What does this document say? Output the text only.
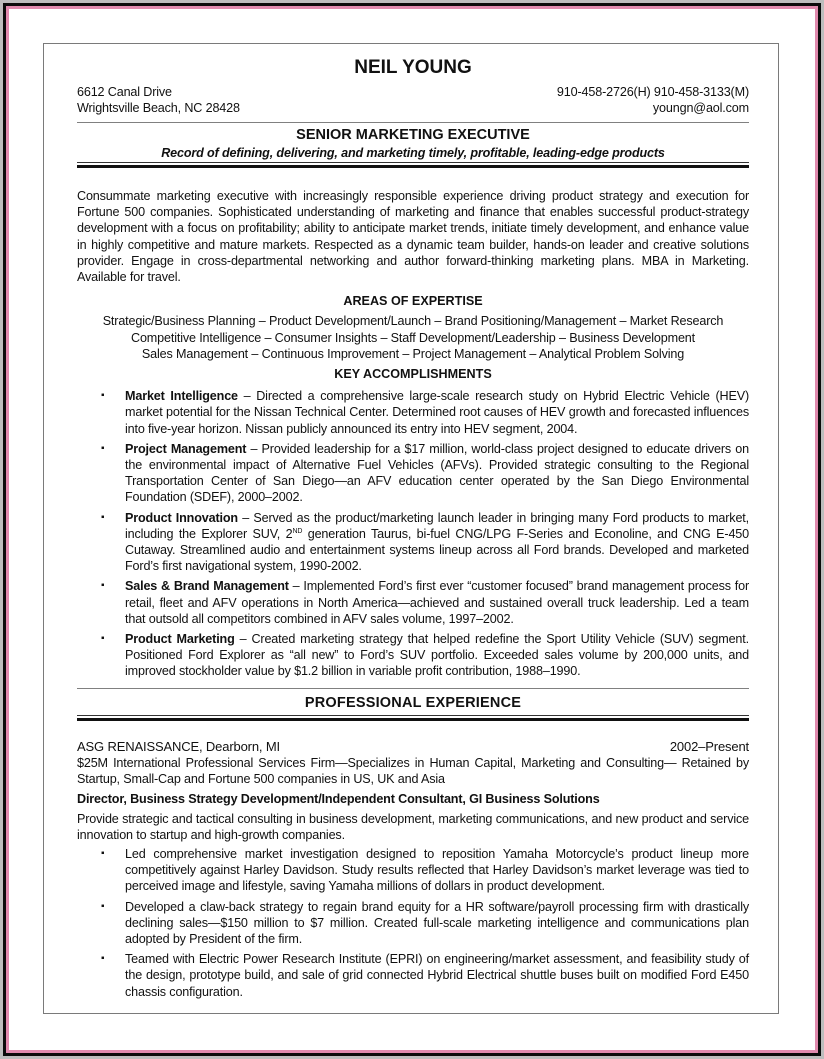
NEIL YOUNG
6612 Canal Drive	910-458-2726(H) 910-458-3133(M)
Wrightsville Beach, NC 28428	youngn@aol.com
SENIOR MARKETING EXECUTIVE
Record of defining, delivering, and marketing timely, profitable, leading-edge products
Consummate marketing executive with increasingly responsible experience driving product strategy and execution for Fortune 500 companies. Sophisticated understanding of marketing and finance that enables successful product-strategy development with a focus on profitability; ability to anticipate market trends, initiate timely development, and enhance value in highly competitive and mature markets. Respected as a dynamic team builder, hands-on leader and creative solutions provider. Engage in cross-departmental networking and author forward-thinking marketing plans. MBA in Marketing. Available for travel.
AREAS OF EXPERTISE
Strategic/Business Planning – Product Development/Launch – Brand Positioning/Management – Market Research
Competitive Intelligence – Consumer Insights – Staff Development/Leadership – Business Development
Sales Management – Continuous Improvement – Project Management – Analytical Problem Solving
KEY ACCOMPLISHMENTS
▪ Market Intelligence – Directed a comprehensive large-scale research study on Hybrid Electric Vehicle (HEV) market potential for the Nissan Technical Center. Determined root causes of HEV growth and forecasted influences into five-year horizon. Nissan publicly announced its entry into HEV segment, 2004.
▪ Project Management – Provided leadership for a $17 million, world-class project designed to educate drivers on the environmental impact of Alternative Fuel Vehicles (AFVs). Provided strategic consulting to the Regional Transportation Center of San Diego—an AFV education center operated by the San Diego Environmental Foundation (SDEF), 2000–2002.
▪ Product Innovation – Served as the product/marketing launch leader in bringing many Ford products to market, including the Explorer SUV, 2ND generation Taurus, bi-fuel CNG/LPG F-Series and Econoline, and CNG E-450 Cutaway. Streamlined audio and entertainment systems lineup across all Ford brands. Developed and marketed Ford’s first navigational system, 1990-2002.
▪ Sales & Brand Management – Implemented Ford’s first ever “customer focused” brand management process for retail, fleet and AFV operations in North America—achieved and sustained overall truck leadership. Led a team that outsold all competitors combined in AFV sales volume, 1997–2002.
▪ Product Marketing – Created marketing strategy that helped redefine the Sport Utility Vehicle (SUV) segment. Positioned Ford Explorer as “all new” to Ford’s SUV portfolio. Exceeded sales volume by 200,000 units, and improved stockholder value by $1.2 billion in variable profit contribution, 1988–1990.
PROFESSIONAL EXPERIENCE
ASG RENAISSANCE, Dearborn, MI	2002–Present
$25M International Professional Services Firm—Specializes in Human Capital, Marketing and Consulting— Retained by Startup, Small-Cap and Fortune 500 companies in US, UK and Asia
Director, Business Strategy Development/Independent Consultant, GI Business Solutions
Provide strategic and tactical consulting in business development, marketing communications, and new product and service innovation to startup and high-growth companies.
▪ Led comprehensive market investigation designed to reposition Yamaha Motorcycle’s product lineup more competitively against Harley Davidson. Study results reflected that Harley Davidson’s market leverage was tied to perceived image and lifestyle, saving Yamaha millions of dollars in product development.
▪ Developed a claw-back strategy to regain brand equity for a HR software/payroll processing firm with drastically declining sales—$150 million to $7 million. Created full-scale marketing intelligence and communications plan adopted by President of the firm.
▪ Teamed with Electric Power Research Institute (EPRI) on engineering/market assessment, and feasibility study of the design, prototype build, and sale of grid connected Hybrid Electrical shuttle buses built on modified Ford E450 chassis configuration.
